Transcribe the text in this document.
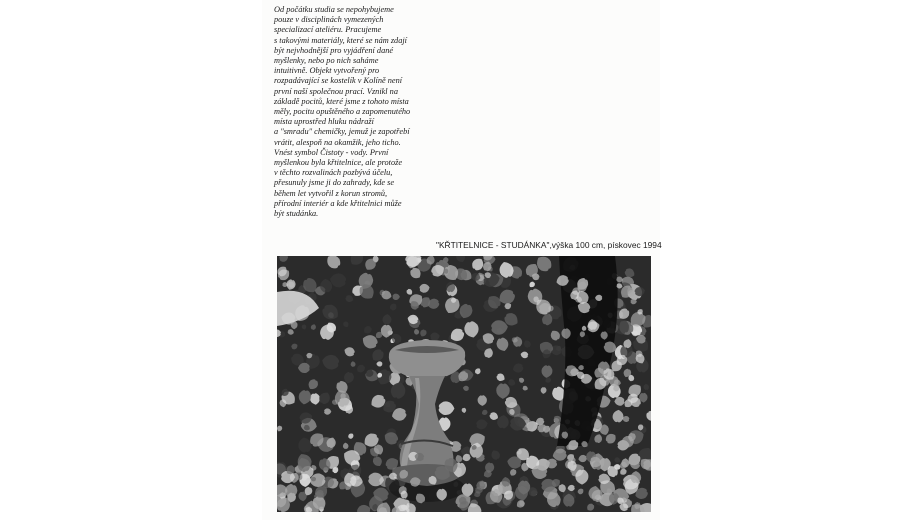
Od počátku studia se nepohybujeme
pouze v disciplinách vymezených
specializací ateliéru. Pracujeme
s takovými materiály, které se nám zdají
být nejvhodnější pro vyjádření dané
myšlenky, nebo po nich saháme
intuitivně. Objekt vytvořený pro
rozpadávající se kostelík v Kolíně není
první naší společnou prací. Vznikl na
základě pocitů, které jsme z tohoto místa
měly, pocitu opuštěného a zapomenutého
místa uprostřed hluku nádraží
a "smradu" chemičky, jemuž je zapotřebí
vrátit, alespoň na okamžik, jeho ticho.
Vnést symbol Čistoty - vody. První
myšlenkou byla křtitelnice, ale protože
v těchto rozvalinách pozbývá účelu,
přesunuly jsme ji do zahrady, kde se
během let vytvořil z korun stromů,
přírodní interiér a kde křtitelnici může
být studánka.
"KŘTITELNICE - STUDÁNKA",výška 100 cm, pískovec 1994
